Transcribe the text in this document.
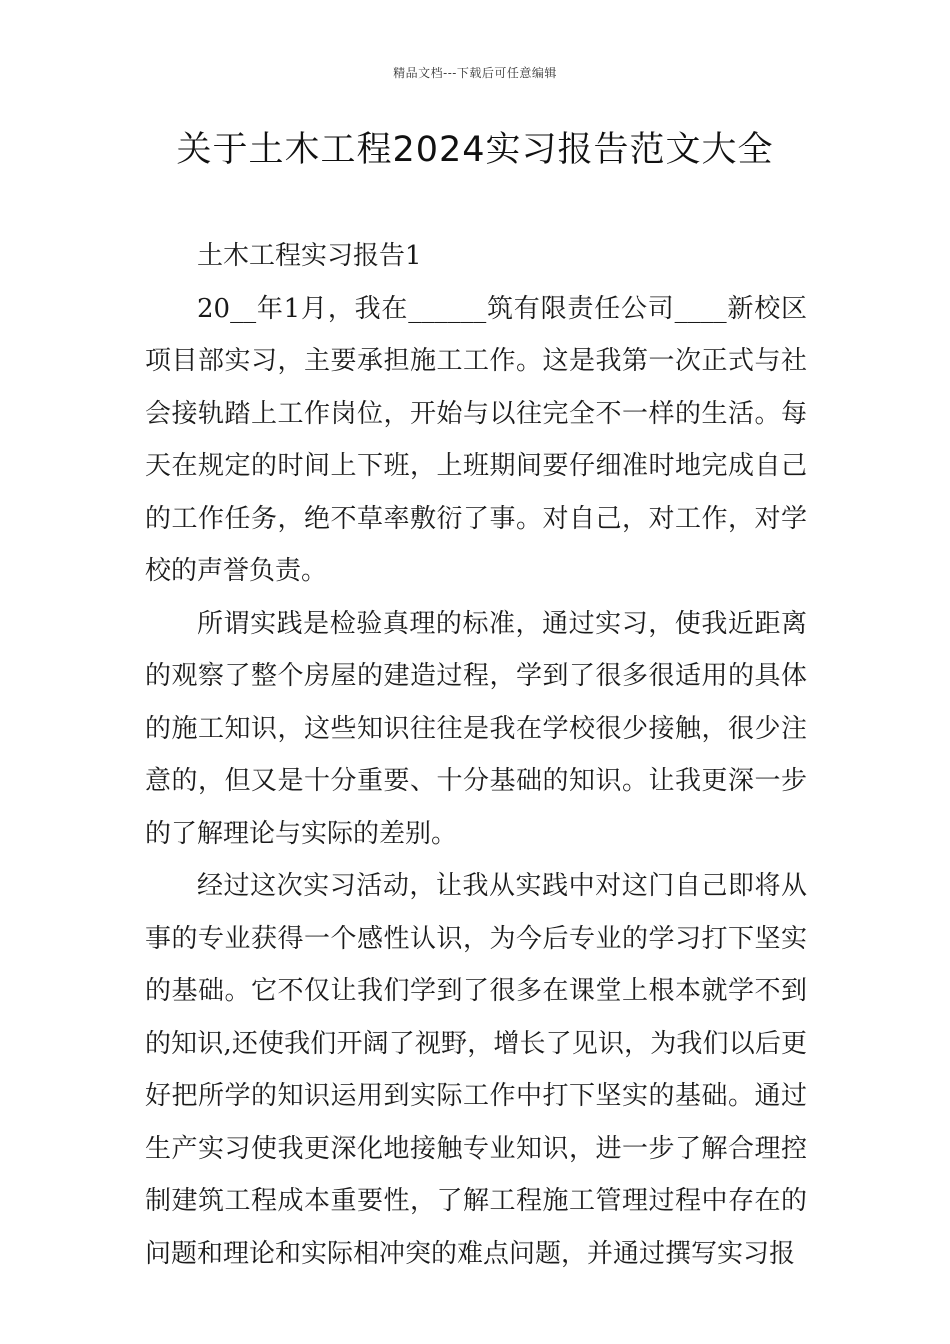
精品文档---下载后可任意编辑
关于土木工程2024实习报告范文大全

土木工程实习报告1

20__年1月，我在______筑有限责任公司____新校区项目部实习，主要承担施工工作。这是我第一次正式与社会接轨踏上工作岗位，开始与以往完全不一样的生活。每天在规定的时间上下班，上班期间要仔细准时地完成自己的工作任务，绝不草率敷衍了事。对自己，对工作，对学校的声誉负责。

所谓实践是检验真理的标准，通过实习，使我近距离的观察了整个房屋的建造过程，学到了很多很适用的具体的施工知识，这些知识往往是我在学校很少接触，很少注意的，但又是十分重要、十分基础的知识。让我更深一步的了解理论与实际的差别。

经过这次实习活动，让我从实践中对这门自己即将从事的专业获得一个感性认识，为今后专业的学习打下坚实的基础。它不仅让我们学到了很多在课堂上根本就学不到的知识,还使我们开阔了视野，增长了见识，为我们以后更好把所学的知识运用到实际工作中打下坚实的基础。通过生产实习使我更深化地接触专业知识，进一步了解合理控制建筑工程成本重要性，了解工程施工管理过程中存在的问题和理论和实际相冲突的难点问题，并通过撰写实习报
